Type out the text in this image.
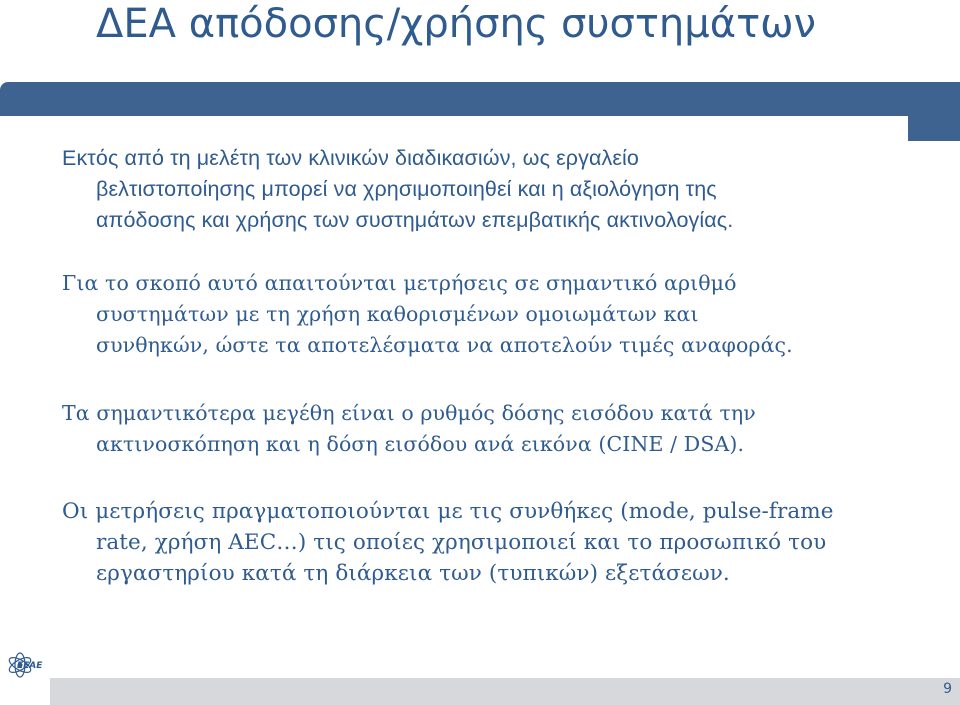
ΔΕΑ απόδοσης/χρήσης συστημάτων
Εκτός από τη μελέτη των κλινικών διαδικασιών, ως εργαλείο
βελτιστοποίησης μπορεί να χρησιμοποιηθεί και η αξιολόγηση της
απόδοσης και χρήσης των συστημάτων επεμβατικής ακτινολογίας.
Για το σκοπό αυτό απαιτούνται μετρήσεις σε σημαντικό αριθμό
συστημάτων με τη χρήση καθορισμένων ομοιωμάτων και
συνθηκών, ώστε τα αποτελέσματα να αποτελούν τιμές αναφοράς.
Τα σημαντικότερα μεγέθη είναι ο ρυθμός δόσης εισόδου κατά την
ακτινοσκόπηση και η δόση εισόδου ανά εικόνα (CINE / DSA).
Οι μετρήσεις πραγματοποιούνται με τις συνθήκες (mode, pulse-frame
rate, χρήση AEC…) τις οποίες χρησιμοποιεί και το προσωπικό του
εργαστηρίου κατά τη διάρκεια των (τυπικών) εξετάσεων.
ΕΕΑΕ
9
